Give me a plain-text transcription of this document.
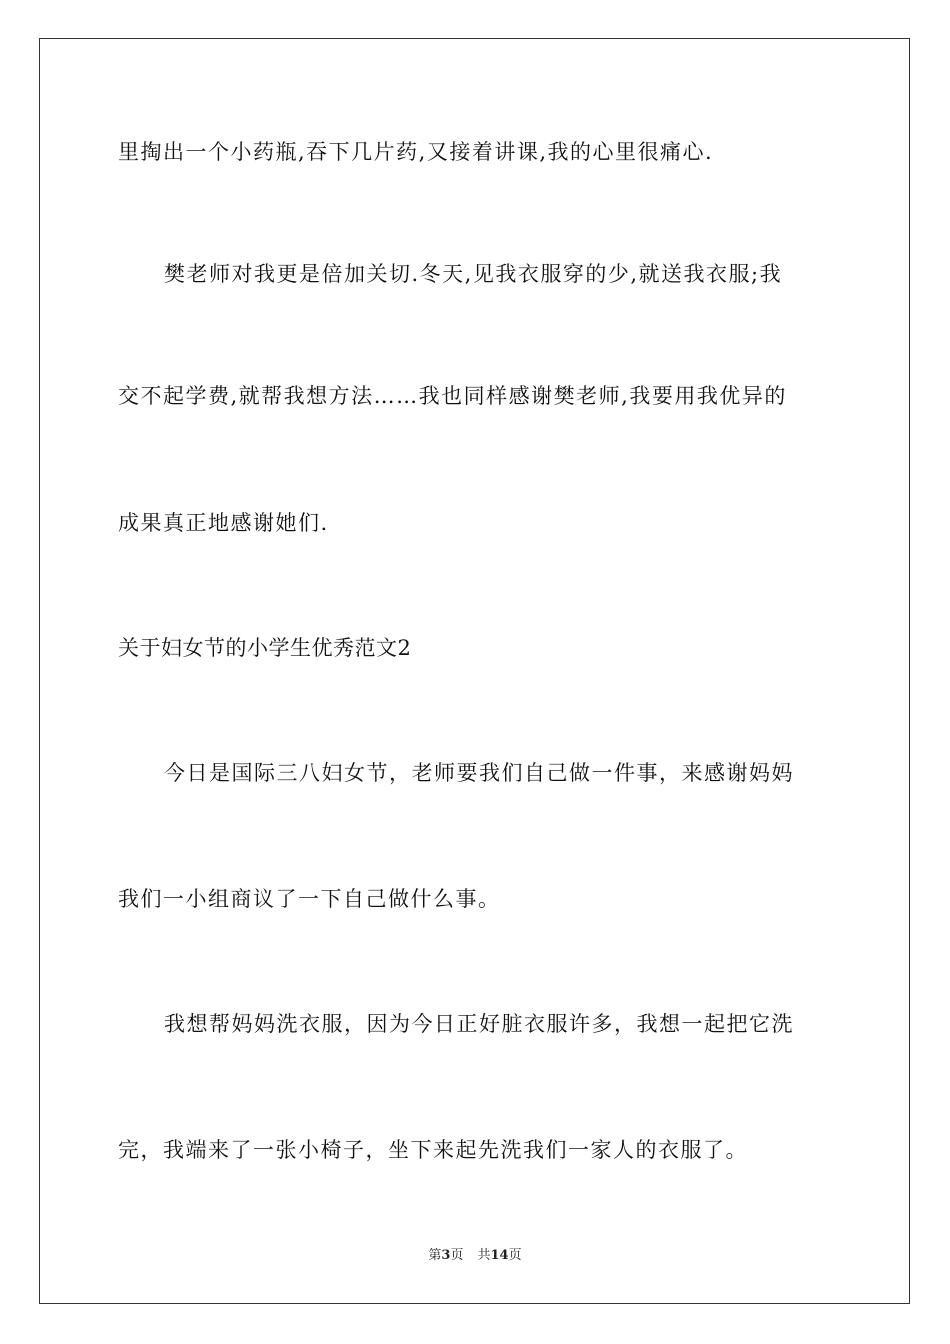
里掏出一个小药瓶,吞下几片药,又接着讲课,我的心里很痛心.
樊老师对我更是倍加关切.冬天,见我衣服穿的少,就送我衣服;我
交不起学费,就帮我想方法……我也同样感谢樊老师,我要用我优异的
成果真正地感谢她们.
关于妇女节的小学生优秀范文2
今日是国际三八妇女节，老师要我们自己做一件事，来感谢妈妈
我们一小组商议了一下自己做什么事。
我想帮妈妈洗衣服，因为今日正好脏衣服许多，我想一起把它洗
完，我端来了一张小椅子，坐下来起先洗我们一家人的衣服了。
第3页 共14页
